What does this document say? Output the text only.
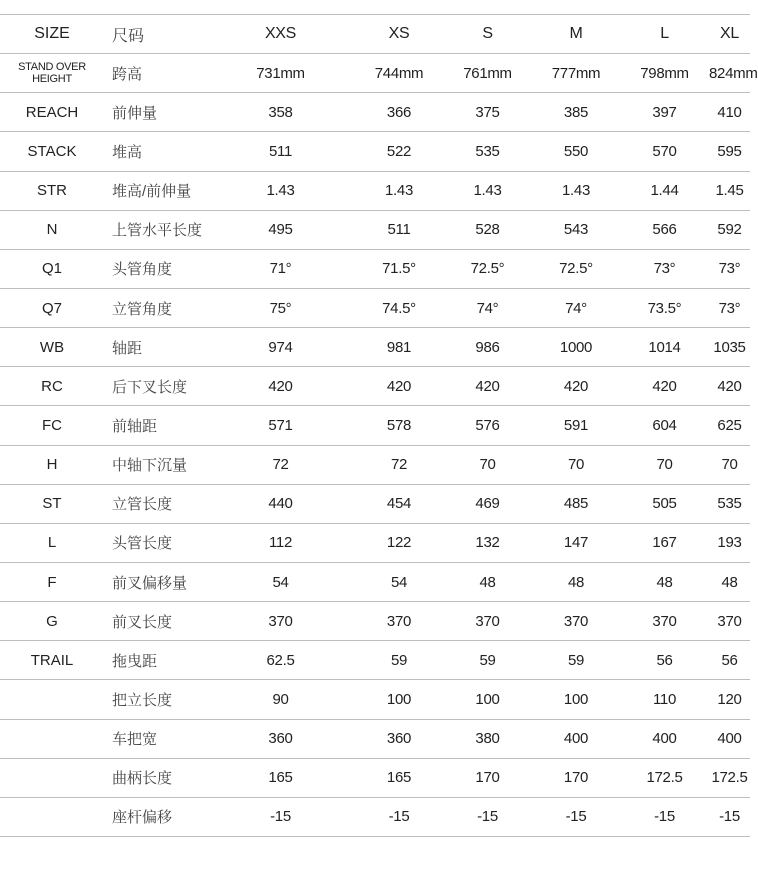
SIZE	尺码	XXS	XS	S	M	L	XL
STAND OVER HEIGHT	跨高	731mm	744mm	761mm	777mm	798mm	824mm
REACH	前伸量	358	366	375	385	397	410
STACK	堆高	511	522	535	550	570	595
STR	堆高/前伸量	1.43	1.43	1.43	1.43	1.44	1.45
N	上管水平长度	495	511	528	543	566	592
Q1	头管角度	71°	71.5°	72.5°	72.5°	73°	73°
Q7	立管角度	75°	74.5°	74°	74°	73.5°	73°
WB	轴距	974	981	986	1000	1014	1035
RC	后下叉长度	420	420	420	420	420	420
FC	前轴距	571	578	576	591	604	625
H	中轴下沉量	72	72	70	70	70	70
ST	立管长度	440	454	469	485	505	535
L	头管长度	112	122	132	147	167	193
F	前叉偏移量	54	54	48	48	48	48
G	前叉长度	370	370	370	370	370	370
TRAIL	拖曳距	62.5	59	59	59	56	56
	把立长度	90	100	100	100	110	120
	车把宽	360	360	380	400	400	400
	曲柄长度	165	165	170	170	172.5	172.5
	座杆偏移	-15	-15	-15	-15	-15	-15
